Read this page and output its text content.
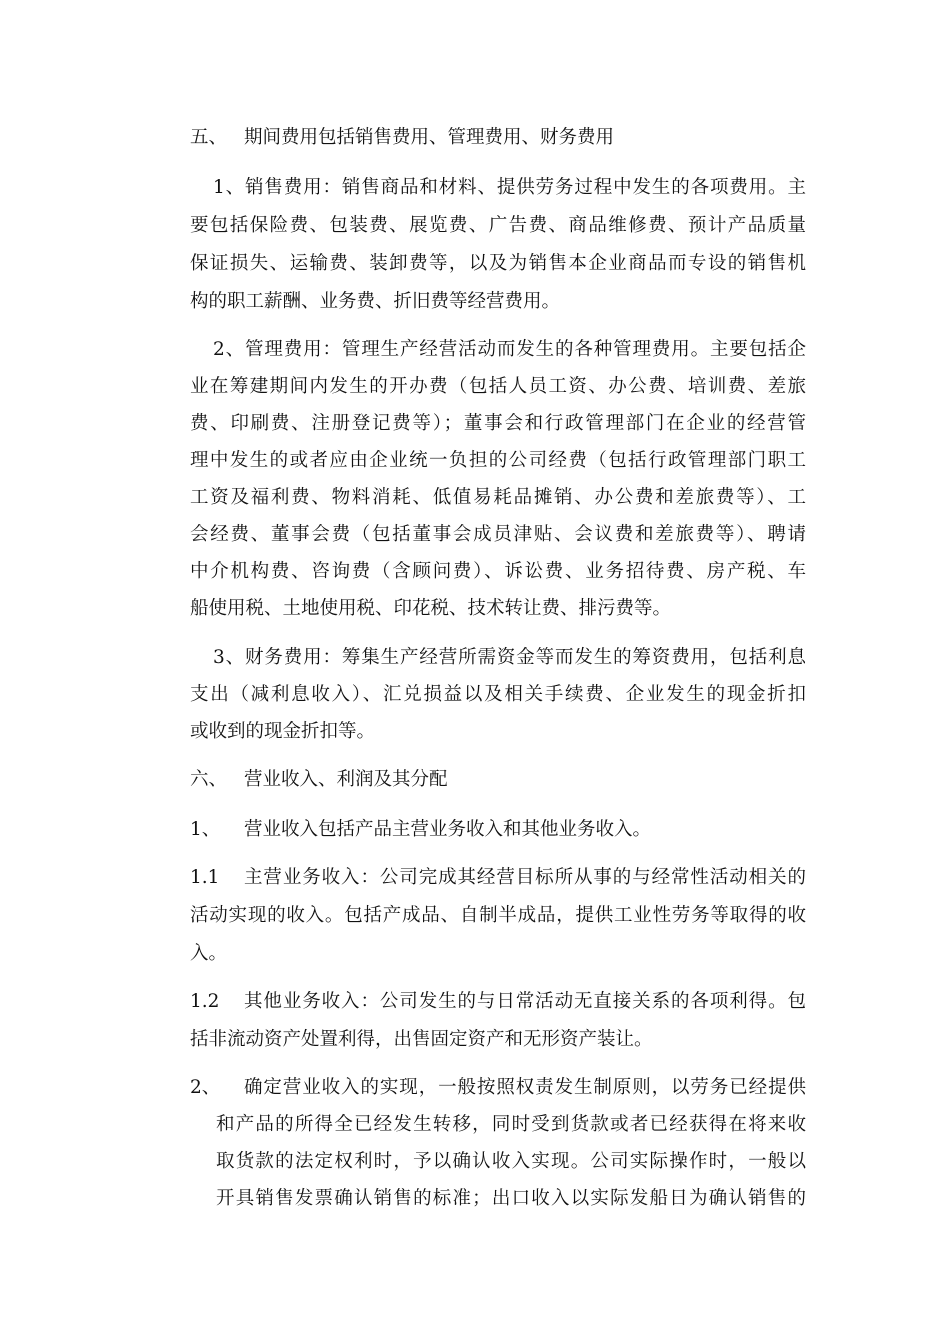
五、 期间费用包括销售费用、管理费用、财务费用
1、销售费用：销售商品和材料、提供劳务过程中发生的各项费用。主
要包括保险费、包装费、展览费、广告费、商品维修费、预计产品质量
保证损失、运输费、装卸费等，以及为销售本企业商品而专设的销售机
构的职工薪酬、业务费、折旧费等经营费用。
2、管理费用：管理生产经营活动而发生的各种管理费用。主要包括企
业在筹建期间内发生的开办费（包括人员工资、办公费、培训费、差旅
费、印刷费、注册登记费等）；董事会和行政管理部门在企业的经营管
理中发生的或者应由企业统一负担的公司经费（包括行政管理部门职工
工资及福利费、物料消耗、低值易耗品摊销、办公费和差旅费等）、工
会经费、董事会费（包括董事会成员津贴、会议费和差旅费等）、聘请
中介机构费、咨询费（含顾问费）、诉讼费、业务招待费、房产税、车
船使用税、土地使用税、印花税、技术转让费、排污费等。
3、财务费用：筹集生产经营所需资金等而发生的筹资费用，包括利息
支出（减利息收入）、汇兑损益以及相关手续费、企业发生的现金折扣
或收到的现金折扣等。
六、 营业收入、利润及其分配
1、 营业收入包括产品主营业务收入和其他业务收入。
1.1 主营业务收入：公司完成其经营目标所从事的与经常性活动相关的
活动实现的收入。包括产成品、自制半成品，提供工业性劳务等取得的收
入。
1.2 其他业务收入：公司发生的与日常活动无直接关系的各项利得。包
括非流动资产处置利得，出售固定资产和无形资产装让。
2、 确定营业收入的实现，一般按照权责发生制原则，以劳务已经提供
和产品的所得全已经发生转移，同时受到货款或者已经获得在将来收
取货款的法定权利时，予以确认收入实现。公司实际操作时，一般以
开具销售发票确认销售的标准；出口收入以实际发船日为确认销售的
